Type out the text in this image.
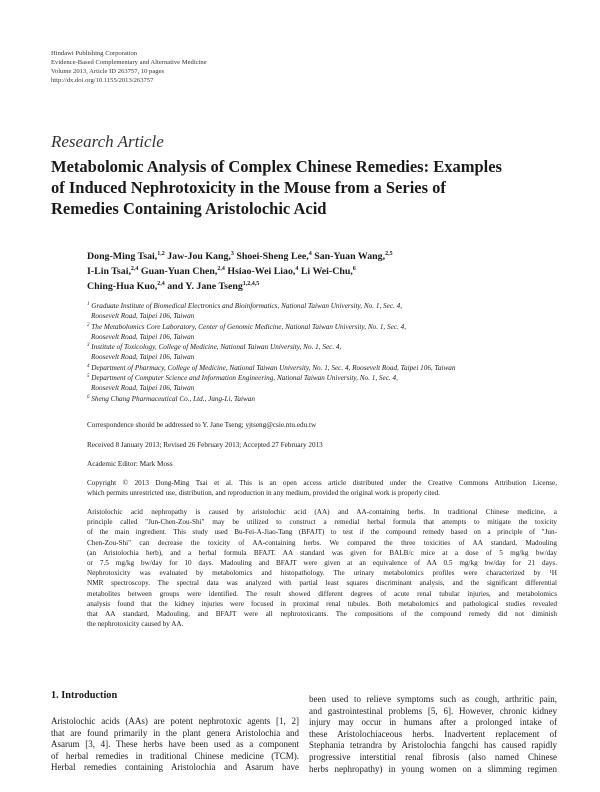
Hindawi Publishing Corporation
Evidence-Based Complementary and Alternative Medicine
Volume 2013, Article ID 263757, 10 pages
http://dx.doi.org/10.1155/2013/263757
Research Article
Metabolomic Analysis of Complex Chinese Remedies: Examples
of Induced Nephrotoxicity in the Mouse from a Series of
Remedies Containing Aristolochic Acid
Dong-Ming Tsai,$^{1,2}$ Jaw-Jou Kang,$^3$ Shoei-Sheng Lee,$^4$ San-Yuan Wang,$^{2,5}$
I-Lin Tsai,$^{2,4}$ Guan-Yuan Chen,$^{2,4}$ Hsiao-Wei Liao,$^4$ Li Wei-Chu,$^6$
Ching-Hua Kuo,$^{2,4}$ and Y. Jane Tseng$^{1,2,4,5}$
$^1$ Graduate Institute of Biomedical Electronics and Bioinformatics, National Taiwan University, No. 1, Sec. 4,
Roosevelt Road, Taipei 106, Taiwan
$^2$ The Metabolomics Core Laboratory, Center of Genomic Medicine, National Taiwan University, No. 1, Sec. 4,
Roosevelt Road, Taipei 106, Taiwan
$^3$ Institute of Toxicology, College of Medicine, National Taiwan University, No. 1, Sec. 4,
Roosevelt Road, Taipei 106, Taiwan
$^4$ Department of Pharmacy, College of Medicine, National Taiwan University, No. 1, Sec. 4, Roosevelt Road, Taipei 106, Taiwan
$^5$ Department of Computer Science and Information Engineering, National Taiwan University, No. 1, Sec. 4,
Roosevelt Road, Taipei 106, Taiwan
$^6$ Sheng Chang Pharmaceutical Co., Ltd., Jung-Li, Taiwan
Correspondence should be addressed to Y. Jane Tseng; yjtseng@csie.ntu.edu.tw
Received 8 January 2013; Revised 26 February 2013; Accepted 27 February 2013
Academic Editor: Mark Moss
Copyright © 2013 Dong-Ming Tsai et al. This is an open access article distributed under the Creative Commons Attribution License,
which permits unrestricted use, distribution, and reproduction in any medium, provided the original work is properly cited.
Aristolochic acid nephropathy is caused by aristolochic acid (AA) and AA-containing herbs. In traditional Chinese medicine, a
principle called "Jun-Chen-Zou-Shi" may be utilized to construct a remedial herbal formula that attempts to mitigate the toxicity
of the main ingredient. This study used Bu-Fei-A-Jiao-Tang (BFAJT) to test if the compound remedy based on a principle of "Jun-
Chen-Zou-Shi" can decrease the toxicity of AA-containing herbs. We compared the three toxicities of AA standard, Madouling
(an Aristolochia herb), and a herbal formula BFAJT. AA standard was given for BALB/c mice at a dose of 5 mg/kg bw/day
or 7.5 mg/kg bw/day for 10 days. Madouling and BFAJT were given at an equivalence of AA 0.5 mg/kg bw/day for 21 days.
Nephrotoxicity was evaluated by metabolomics and histopathology. The urinary metabolomics profiles were characterized by ¹H
NMR spectroscopy. The spectral data was analyzed with partial least squares discriminant analysis, and the significant differential
metabolites between groups were identified. The result showed different degrees of acute renal tubular injuries, and metabolomics
analysis found that the kidney injuries were focused in proximal renal tubules. Both metabolomics and pathological studies revealed
that AA standard, Madouling, and BFAJT were all nephrotoxicants. The compositions of the compound remedy did not diminish
the nephrotoxicity caused by AA.
1. Introduction
Aristolochic acids (AAs) are potent nephrotoxic agents [1, 2]
that are found primarily in the plant genera Aristolochia and
Asarum [3, 4]. These herbs have been used as a component
of herbal remedies in traditional Chinese medicine (TCM).
Herbal remedies containing Aristolochia and Asarum have
been used to relieve symptoms such as cough, arthritic pain,
and gastrointestinal problems [5, 6]. However, chronic kidney
injury may occur in humans after a prolonged intake of
these Aristolochiaceous herbs. Inadvertent replacement of
Stephania tetrandra by Aristolochia fangchi has caused rapidly
progressive interstitial renal fibrosis (also named Chinese
herbs nephropathy) in young women on a slimming regimen
